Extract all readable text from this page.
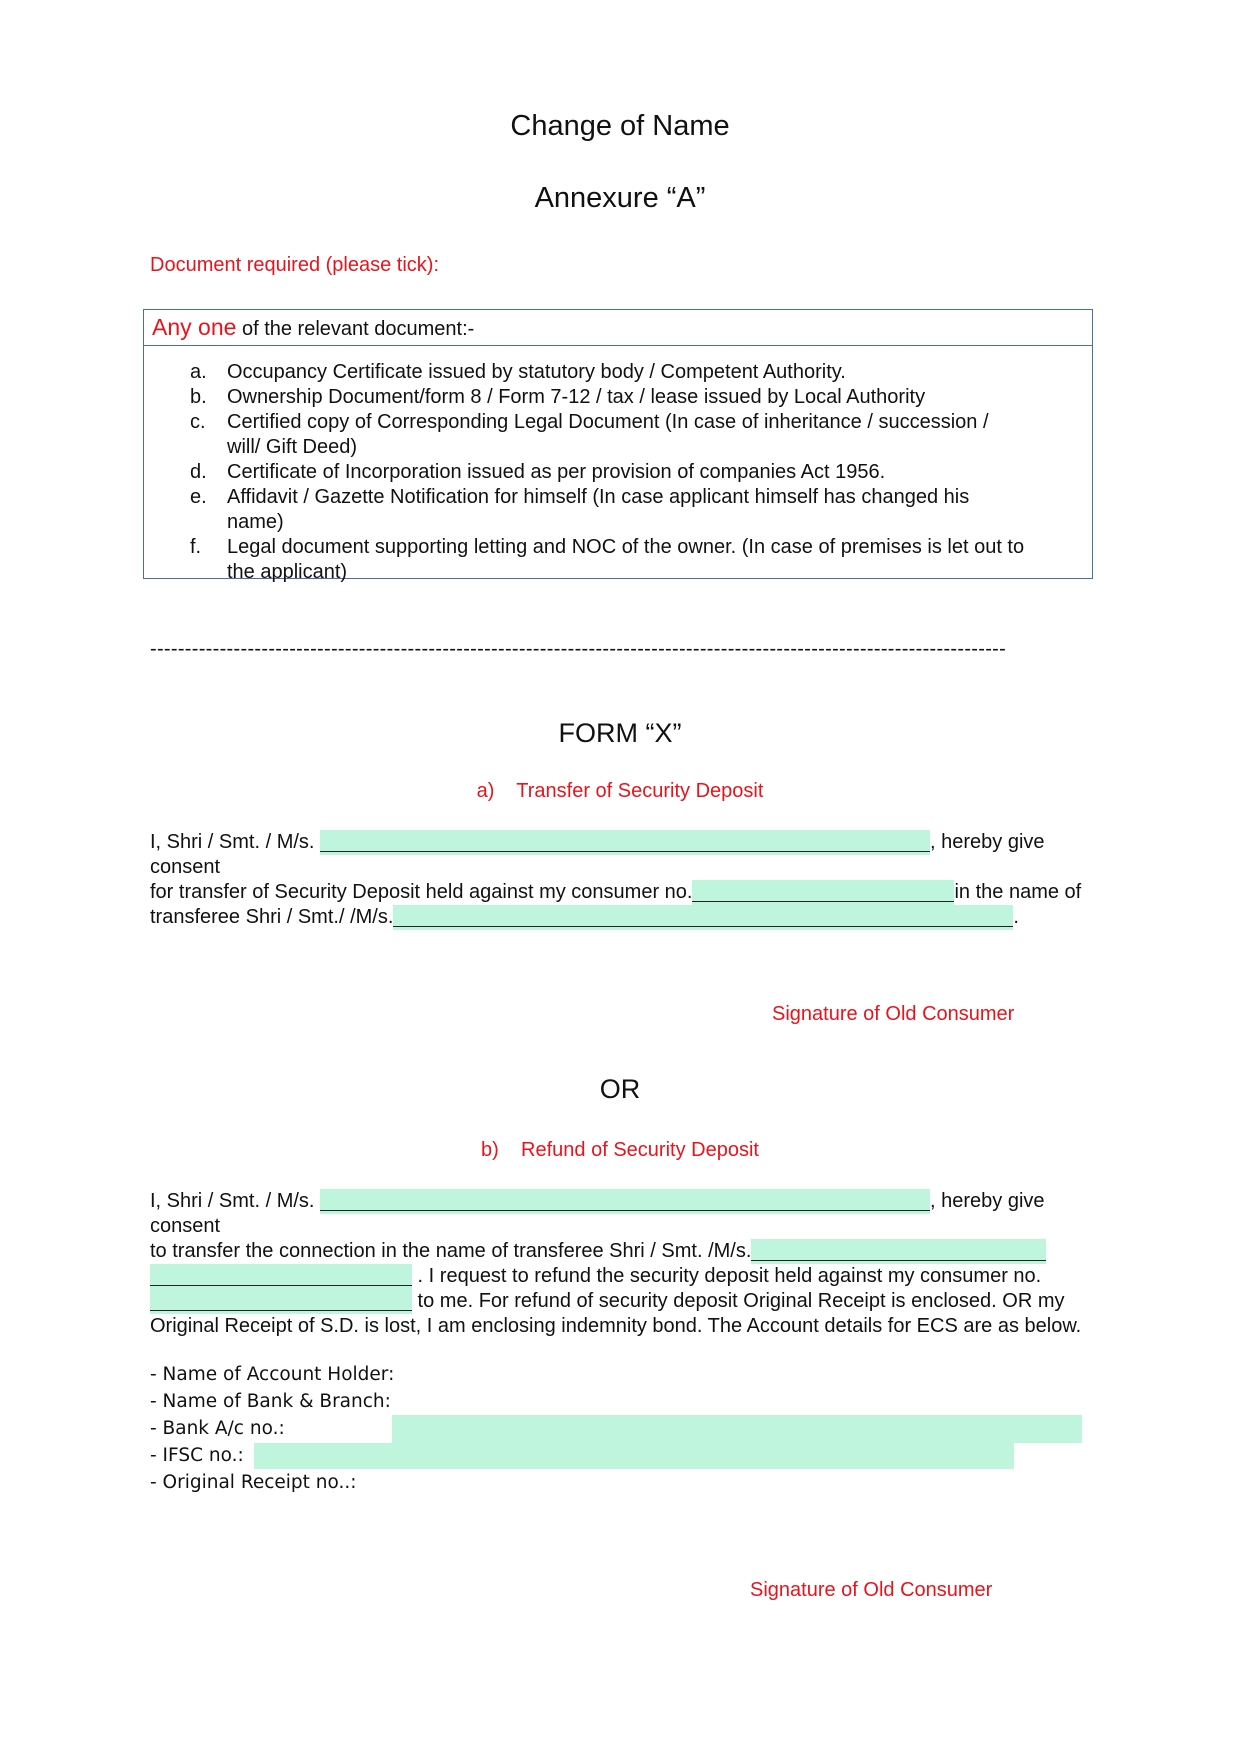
Change of Name
Annexure “A”
Document required (please tick):
Any one of the relevant document:-
a. Occupancy Certificate issued by statutory body / Competent Authority.
b. Ownership Document/form 8 / Form 7-12 / tax / lease issued by Local Authority
c. Certified copy of Corresponding Legal Document (In case of inheritance / succession / will/ Gift Deed)
d. Certificate of Incorporation issued as per provision of companies Act 1956.
e. Affidavit / Gazette Notification for himself (In case applicant himself has changed his name)
f. Legal document supporting letting and NOC of the owner. (In case of premises is let out to the applicant)
---------------------------------------------------------------------------------------------------------------------------
FORM “X”
a)    Transfer of Security Deposit
I, Shri / Smt. / M/s.	, hereby give
consent
for transfer of Security Deposit held against my consumer no.	in the name of
transferee Shri / Smt./ /M/s.	.
Signature of Old Consumer
OR
b)    Refund of Security Deposit
I, Shri / Smt. / M/s.	, hereby give
consent
to transfer the connection in the name of transferee Shri / Smt. /M/s.
. I request to refund the security deposit held against my consumer no.
to me. For refund of security deposit Original Receipt is enclosed. OR my
Original Receipt of S.D. is lost, I am enclosing indemnity bond. The Account details for ECS are as below.
- Name of Account Holder:
- Name of Bank & Branch:
- Bank A/c no.:
- IFSC no.:
- Original Receipt no..:
Signature of Old Consumer
